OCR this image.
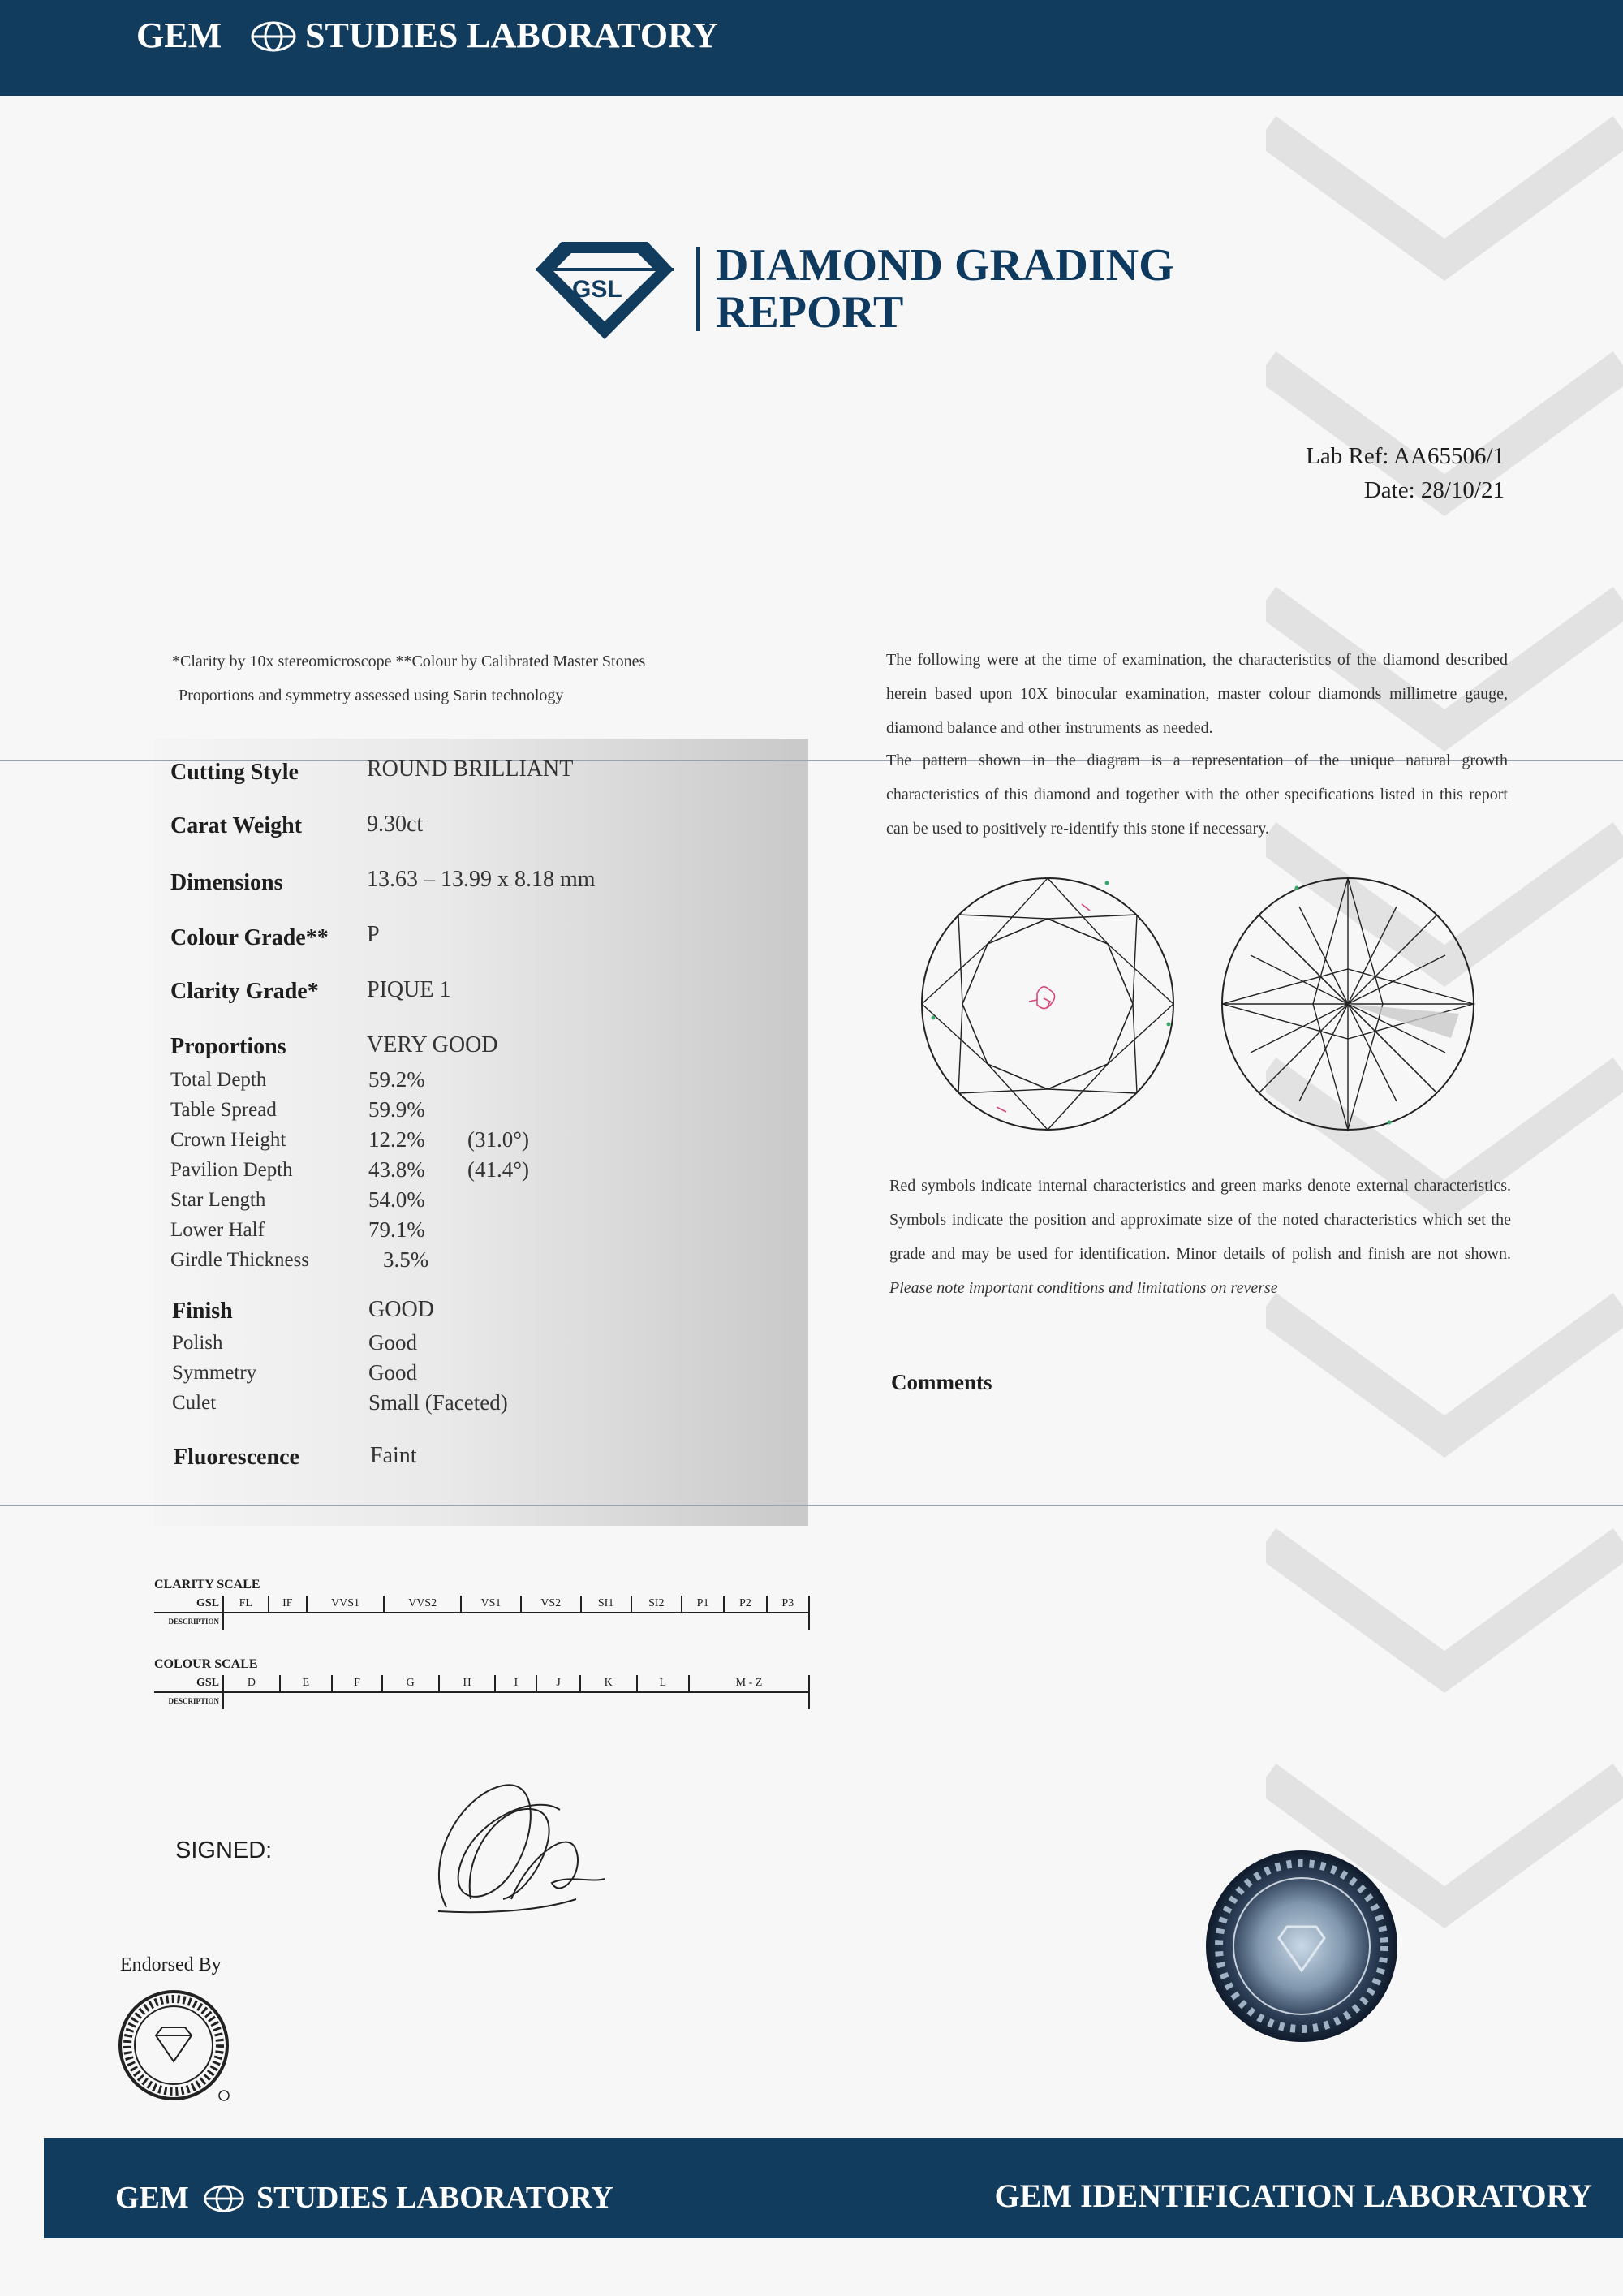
GEM STUDIES LABORATORY
GSL DIAMOND GRADING
REPORT
Lab Ref: AA65506/1
Date: 28/10/21
*Clarity by 10x stereomicroscope **Colour by Calibrated Master Stones
Proportions and symmetry assessed using Sarin technology
Cutting Style	ROUND BRILLIANT
Carat Weight	9.30ct
Dimensions	13.63 – 13.99 x 8.18 mm
Colour Grade** P
Clarity Grade* PIQUE 1
Proportions	VERY GOOD
Total Depth	59.2%
Table Spread	59.9%
Crown Height	12.2%	(31.0°)
Pavilion Depth	43.8%	(41.4°)
Star Length	54.0%
Lower Half	79.1%
Girdle Thickness	3.5%
Finish	GOOD
Polish	Good
Symmetry	Good
Culet	Small (Faceted)
Fluorescence	Faint
The following were at the time of examination, the characteristics of the diamond described herein based upon 10X binocular examination, master colour diamonds millimetre gauge, diamond balance and other instruments as needed.
The pattern shown in the diagram is a representation of the unique natural growth characteristics of this diamond and together with the other specifications listed in this report can be used to positively re-identify this stone if necessary.
Red symbols indicate internal characteristics and green marks denote external characteristics. Symbols indicate the position and approximate size of the noted characteristics which set the grade and may be used for identification. Minor details of polish and finish are not shown. Please note important conditions and limitations on reverse
Comments
CLARITY SCALE
GSL	FL	IF	VVS1	VVS2	VS1	VS2	SI1	SI2	P1	P2	P3
DESCRIPTION											
COLOUR SCALE
GSL	D	E	F	G	H	I	J	K	L	M - Z
DESCRIPTION										
SIGNED:
Endorsed By
GEM STUDIES LABORATORY	GEM IDENTIFICATION LABORATORY
